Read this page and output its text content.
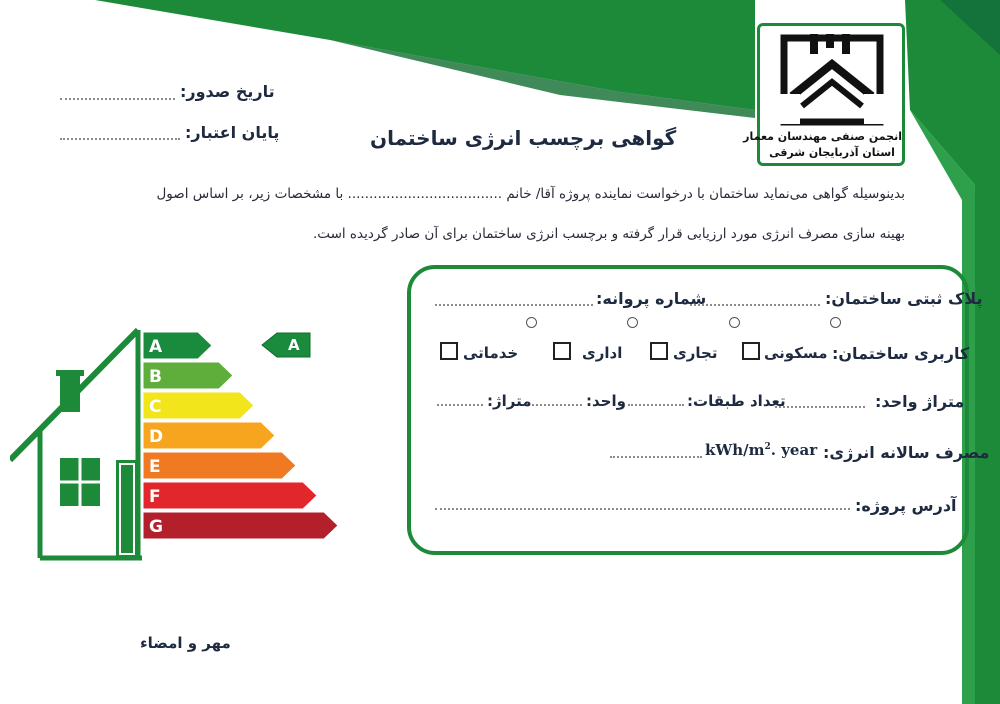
انجمن صنفی مهندسان معمار
استان آذربایجان شرقی
تاریخ صدور:
پایان اعتبار:	گواهی برچسب انرژی ساختمان
بدینوسیله گواهی می‌نماید ساختمان با درخواست نماینده پروژه آقا/ خانم .................................... با مشخصات زیر، بر اساس اصول
بهینه سازی مصرف انرژی مورد ارزیابی قرار گرفته و برچسب انرژی ساختمان برای آن صادر گردیده است.
A
B
C
D
E
F
G
A
پلاک ثبتی ساختمان:
شماره پروانه:
کاربری ساختمان:
مسکونی
تجاری
اداری
خدماتی
متراژ واحد:
تعداد طبقات:
واحد:
متراژ:
مصرف سالانه انرژی:
kWh/$m^2$. year
آدرس پروژه:
مهر و امضاء
